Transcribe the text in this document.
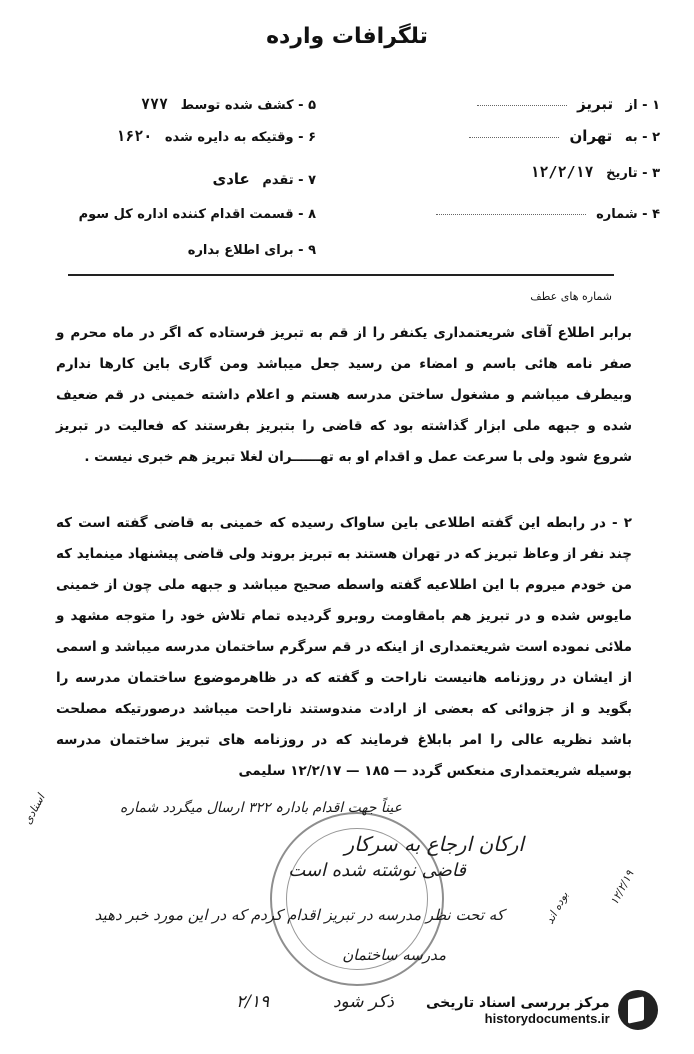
تلگرافات وارده
۱ - از تبریز
۲ - به تهران
۳ - تاریخ ۱۲/۲/۱۷
۴ - شماره
۵ - کشف شده توسط ۷۷۷
۶ - وقتیکه به دایره شده ۱۶۲۰
۷ - تقدم عادی
۸ - قسمت اقدام کننده اداره کل سوم
۹ - برای اطلاع بداره
شماره های عطف
برابر اطلاع آقای شریعتمداری یکنفر را از قم به تبریز فرستاده که اگر در ماه محرم و صفر نامه هائی باسم و امضاء من رسید جعل میباشد ومن گاری باین کارها ندارم وبیطرف میباشم و مشغول ساختن مدرسه هستم و اعلام داشته خمینی در قم ضعیف شده و جبهه ملی ابزار گذاشته بود که قاضی را بتبریز بفرستند که فعالیت در تبریز شروع شود ولی با سرعت عمل و اقدام او به تهــــــران لغلا تبریز هم خبری نیست .
۲ - در رابطه این گفته اطلاعی باین ساواک رسیده که خمینی به قاضی گفته است که چند نفر از وعاظ تبریز که در تهران هستند به تبریز بروند ولی قاضی پیشنهاد مینماید که من خودم میروم با این اطلاعیه گفته واسطه صحیح میباشد و جبهه ملی چون از خمینی مایوس شده و در تبریز هم بامقاومت روبرو گردیده تمام تلاش خود را متوجه مشهد و ملائی نموده است شریعتمداری از اینکه در قم سرگرم ساختمان مدرسه میباشد و اسمی از ایشان در روزنامه هانیست ناراحت و گفته که در ظاهرموضوع ساختمان مدرسه را بگوید و از جزوائی که بعضی از ارادت مندوستند ناراحت میباشد درصورتیکه مصلحت باشد نظریه عالی را امر بابلاغ فرمایند که در روزنامه های تبریز ساختمان مدرسه بوسیله شریعتمداری منعکس گردد — ۱۸۵ — ۱۲/۲/۱۷ سلیمی
عیناً جهت اقدام بادارہ ۳۲۲ ارسال میگردد شماره
ارکان ارجاع به سرکار
قاضی نوشته شده است
که تحت نظر مدرسه در تبریز اقدام کردم که در این مورد خبر دهید
مدرسه ساختمان
ذکر شود
۲/۱۹
اسنادی
بوده اند
۱۲/۲/۱۹
مرکز بررسی اسناد تاریخی
historydocuments.ir
